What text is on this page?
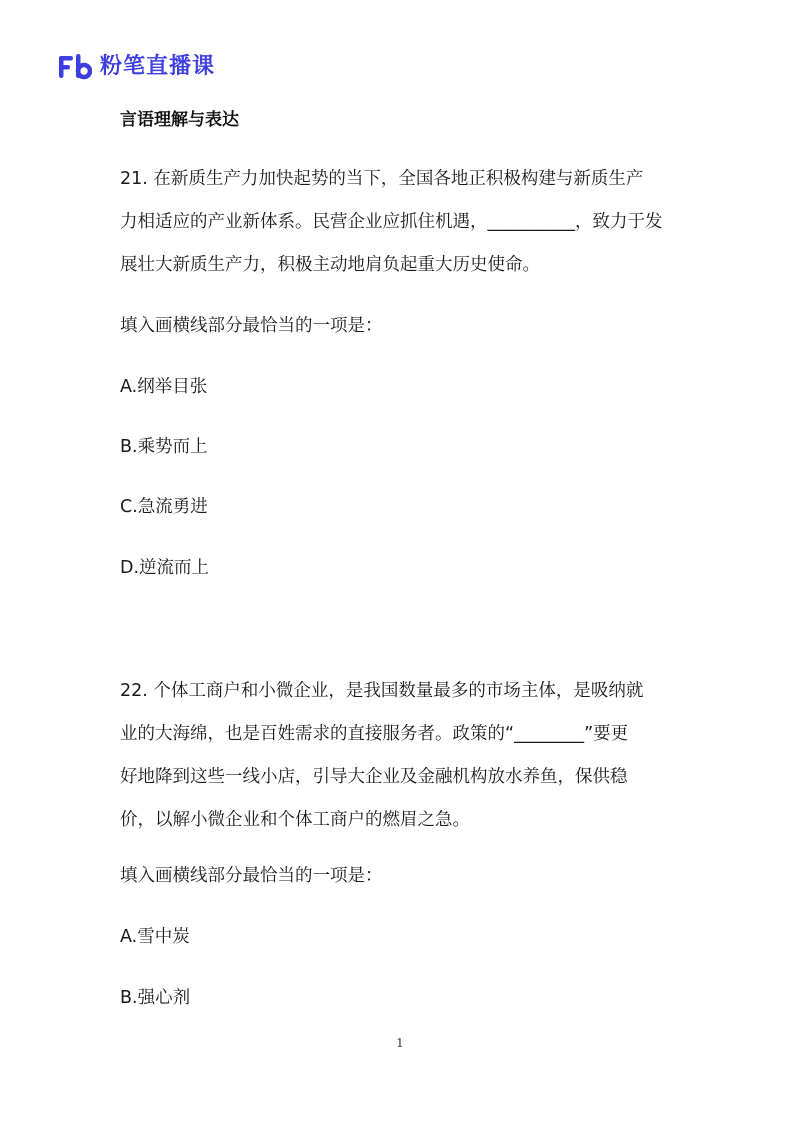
粉笔直播课
言语理解与表达
21. 在新质生产力加快起势的当下，全国各地正积极构建与新质生产
力相适应的产业新体系。民营企业应抓住机遇，__________，致力于发
展壮大新质生产力，积极主动地肩负起重大历史使命。
填入画横线部分最恰当的一项是：
A.纲举目张
B.乘势而上
C.急流勇进
D.逆流而上
22. 个体工商户和小微企业，是我国数量最多的市场主体，是吸纳就
业的大海绵，也是百姓需求的直接服务者。政策的“________”要更
好地降到这些一线小店，引导大企业及金融机构放水养鱼，保供稳
价，以解小微企业和个体工商户的燃眉之急。
填入画横线部分最恰当的一项是：
A.雪中炭
B.强心剂
1
